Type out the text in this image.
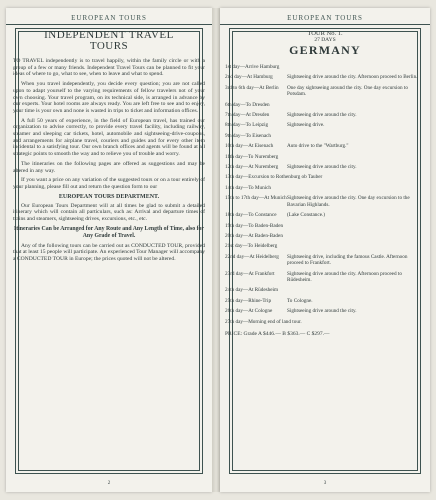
EUROPEAN TOURS
INDEPENDENT TRAVEL
TOURS

TO TRAVEL independently is to travel happily, within the family circle or with a group of a few or many friends. Independent Travel Tours can be planned to fit your ideas of where to go, what to see, when to leave and what to spend.

When you travel independently, you decide every question; you are not called upon to adapt yourself to the varying requirements of fellow travelers not of your own choosing. Your travel program, on its technical side, is arranged in advance by our experts. Your hotel rooms are always ready. You are left free to see and to enjoy, your time is your own and none is wasted in trips to ticket and information offices.

A full 50 years of experience, in the field of European travel, has trained our organization to advise correctly, to provide every travel facility, including railway, steamer and sleeping car tickets, hotel, automobile and sightseeing-drive-coupons, and arrangements for airplane travel, couriers and guides and for every other item incidental to a satisfying tour. Our own branch offices and agents will be found at all strategic points to smooth the way and to relieve you of trouble and worry.

The itineraries on the following pages are offered as suggestions and may be altered in any way.

If you want a price on any variation of the suggested tours or on a tour entirely of your planning, please fill out and return the question form to our

EUROPEAN TOURS DEPARTMENT.

Our European Tours Department will at all times be glad to submit a detailed itinerary which will contain all particulars, such as: Arrival and departure times of trains and steamers, sightseeing drives, excursions, etc., etc.

Itineraries Can be Arranged for Any Route and Any Length of Time, also for Any Grade of Travel.

Any of the following tours can be carried out as CONDUCTED TOUR, provided that at least 15 people will participate. An experienced Tour Manager will accompany a CONDUCTED TOUR in Europe; the prices quoted will not be altered.

2
EUROPEAN TOURS
TOUR No. 1.
27 DAYS
GERMANY
1st day—Arrive Hamburg
2nd day—At Hamburg	Sightseeing drive around the city. Afternoon proceed to Berlin.
3rd to 6th day—At Berlin	One day sightseeing around the city. One day excursion to Potsdam.
6th day—To Dresden
7th day—At Dresden	Sightseeing drive around the city.
8th day—To Leipzig	Sightseeing drive.
9th day—To Eisenach
10th day—At Eisenach	Auto drive to the "Wartburg."
11th day—To Nuremberg
12th day—At Nuremberg	Sightseeing drive around the city.
13th day—Excursion to Rothenburg ob Tauber
14th day—To Munich
15th to 17th day—At Munich Sightseeing drive around the city. One day excursion to the Bavarian Highlands.
18th day—To Constance	(Lake Constance.)
19th day—To Baden-Baden
20th day—At Baden-Baden
21st day—To Heidelberg
22nd day—At Heidelberg	Sightseeing drive, including the famous Castle. Afternoon proceed to Frankfort.
23rd day—At Frankfort	Sightseeing drive around the city. Afternoon proceed to Rüdesheim.
24th day—At Rüdesheim
25th day—Rhine-Trip	To Cologne.
26th day—At Cologne	Sightseeing drive around the city.
27th day—Morning end of land tour.
PRICE: Grade A $446.— B $363.— C $297.—
3
